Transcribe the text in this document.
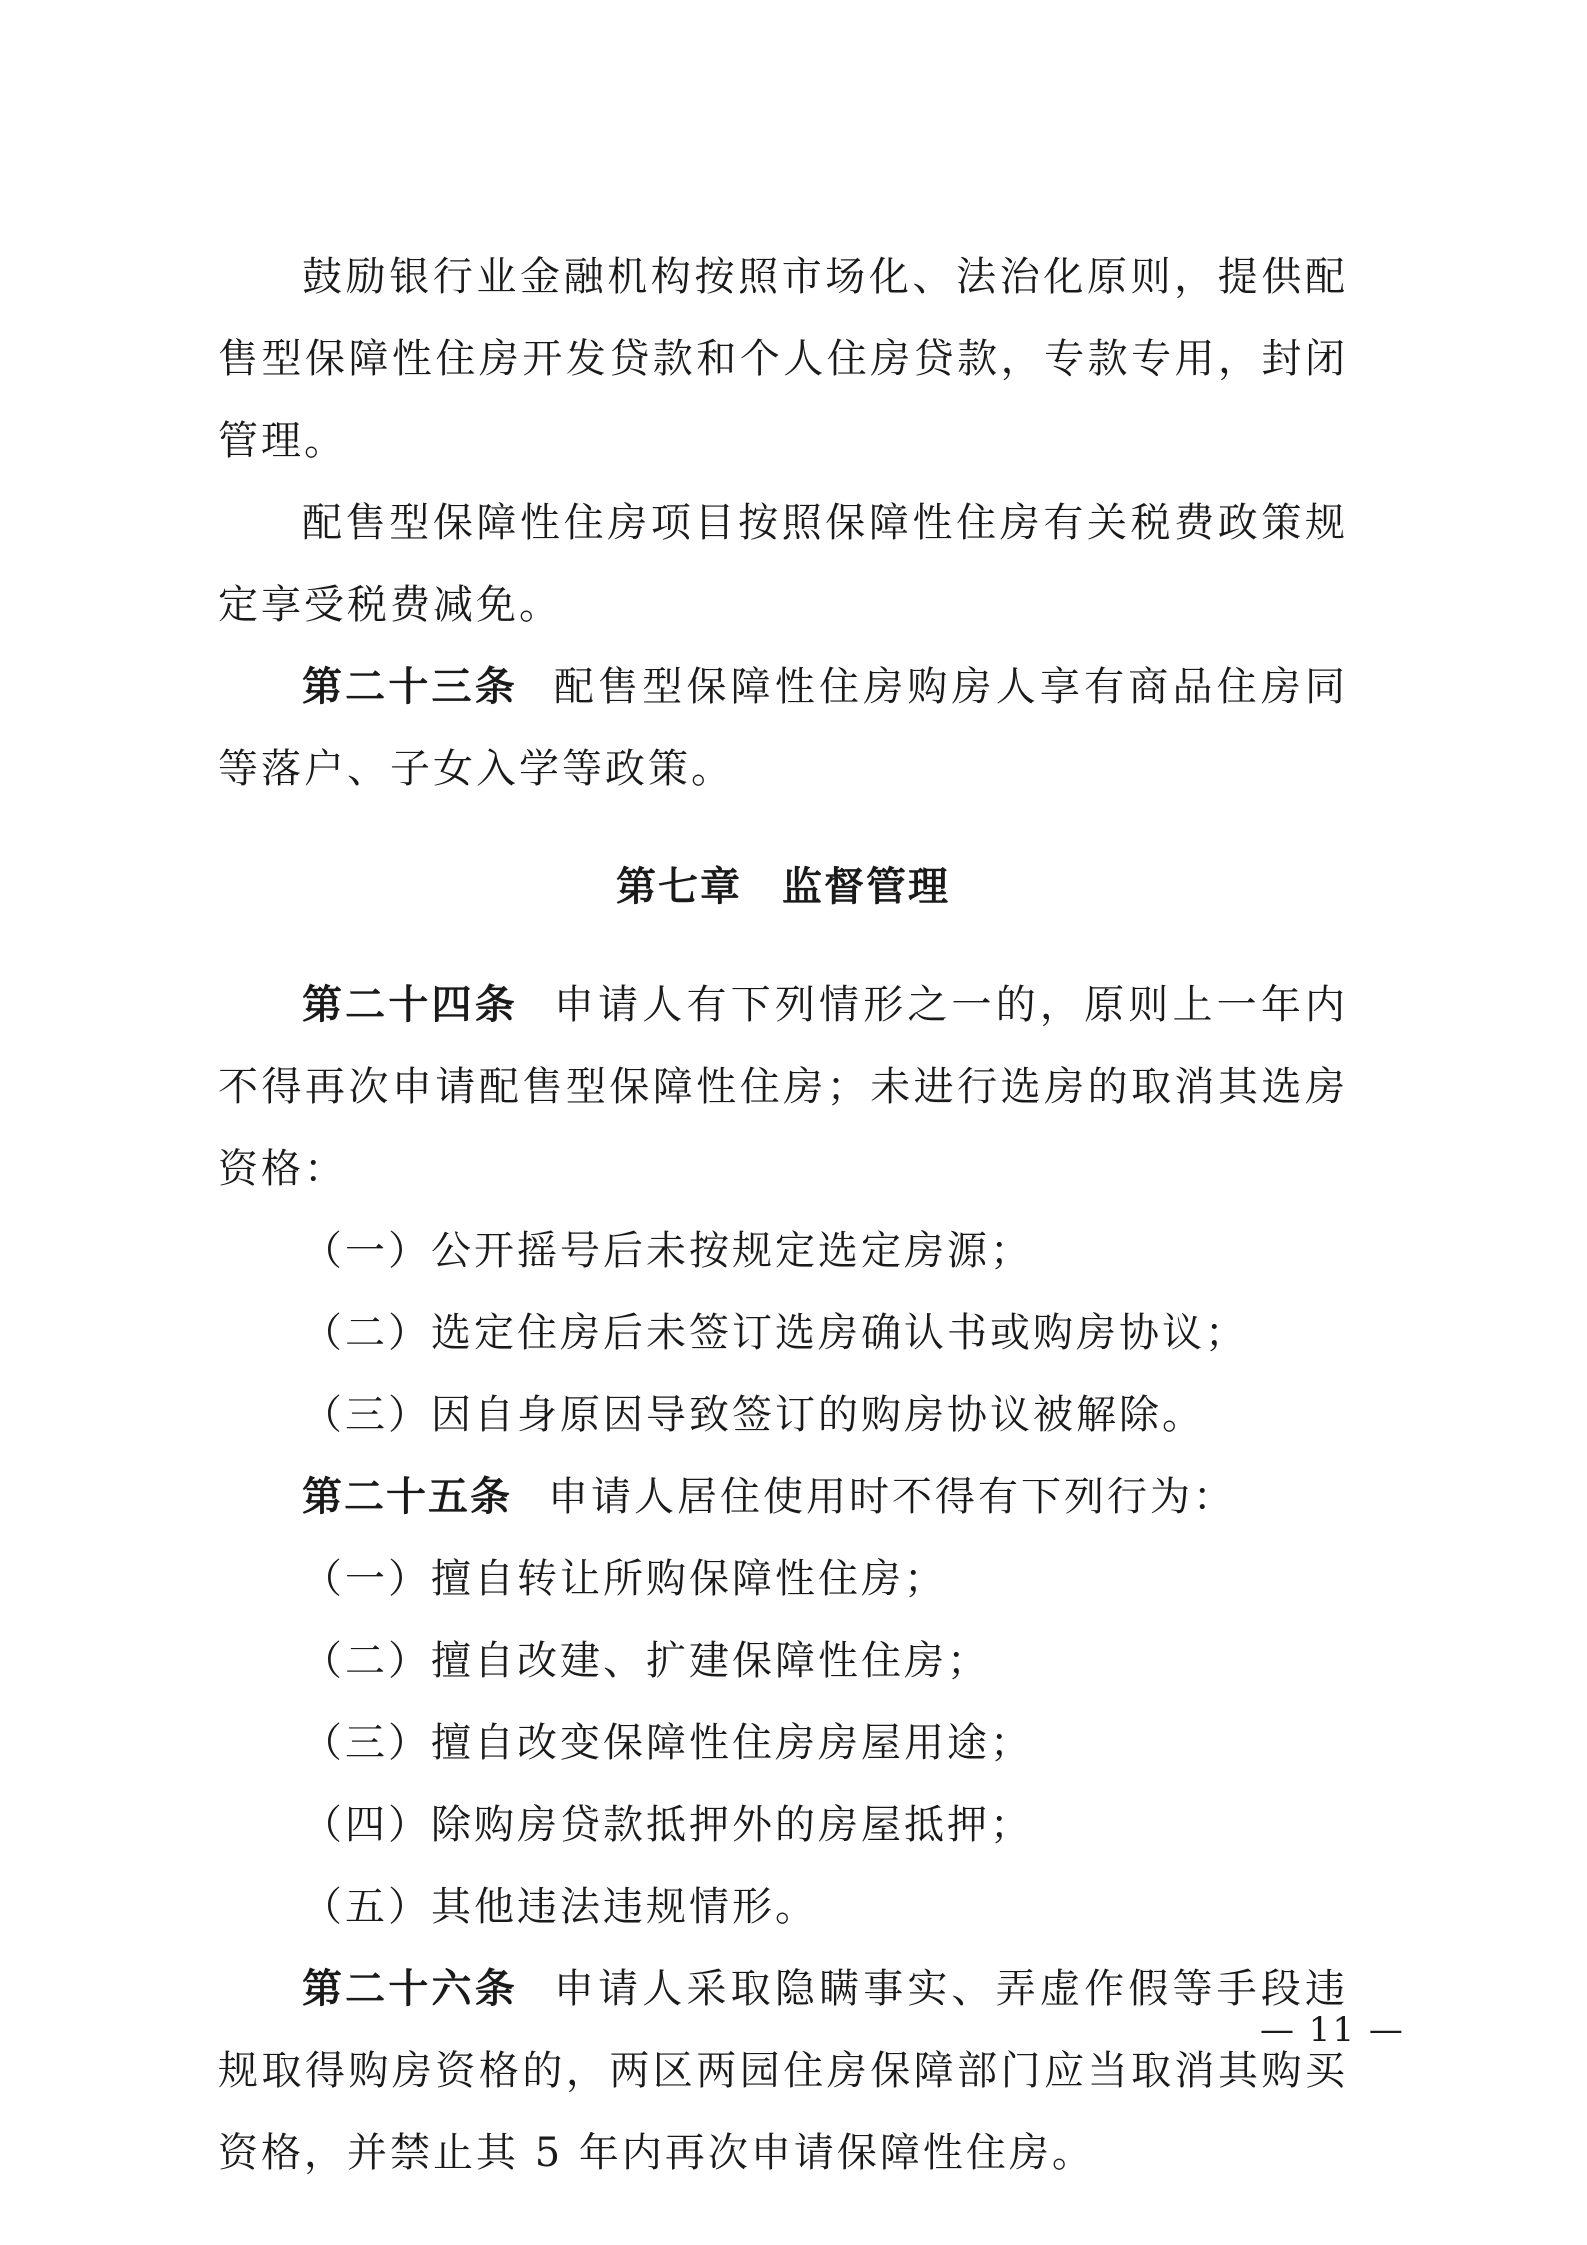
鼓励银行业金融机构按照市场化、法治化原则，提供配售型保障性住房开发贷款和个人住房贷款，专款专用，封闭管理。

配售型保障性住房项目按照保障性住房有关税费政策规定享受税费减免。

第二十三条 配售型保障性住房购房人享有商品住房同等落户、子女入学等政策。

第七章 监督管理

第二十四条 申请人有下列情形之一的，原则上一年内不得再次申请配售型保障性住房；未进行选房的取消其选房资格：

（一）公开摇号后未按规定选定房源；

（二）选定住房后未签订选房确认书或购房协议；

（三）因自身原因导致签订的购房协议被解除。

第二十五条 申请人居住使用时不得有下列行为：

（一）擅自转让所购保障性住房；

（二）擅自改建、扩建保障性住房；

（三）擅自改变保障性住房房屋用途；

（四）除购房贷款抵押外的房屋抵押；

（五）其他违法违规情形。

第二十六条 申请人采取隐瞒事实、弄虚作假等手段违规取得购房资格的，两区两园住房保障部门应当取消其购买资格，并禁止其 5 年内再次申请保障性住房。

— 11 —
